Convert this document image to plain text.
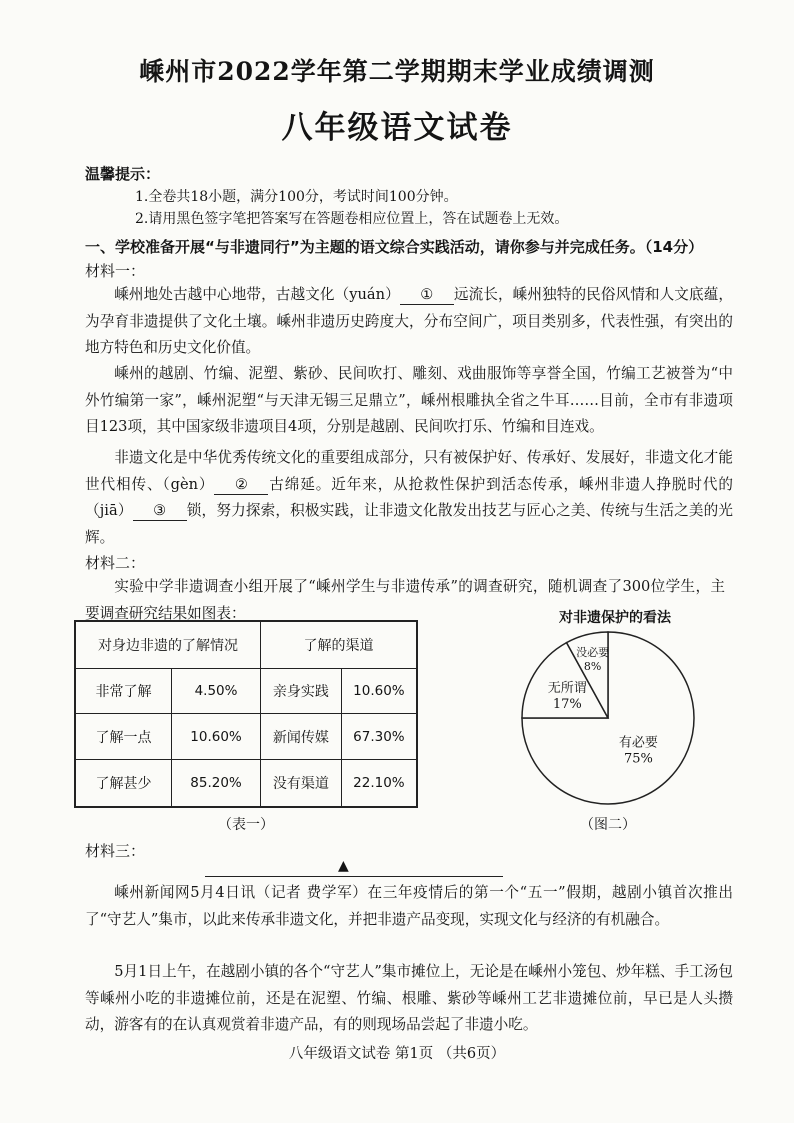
嵊州市2022学年第二学期期末学业成绩调测
八年级语文试卷
温馨提示：
1.全卷共18小题，满分100分，考试时间100分钟。
2.请用黑色签字笔把答案写在答题卷相应位置上，答在试题卷上无效。
一、学校准备开展“与非遗同行”为主题的语文综合实践活动，请你参与并完成任务。（14分）
材料一：
嵊州地处古越中心地带，古越文化（yuán） ① 远流长，嵊州独特的民俗风情和人文底蕴，为孕育非遗提供了文化土壤。嵊州非遗历史跨度大，分布空间广，项目类别多，代表性强，有突出的地方特色和历史文化价值。
嵊州的越剧、竹编、泥塑、紫砂、民间吹打、雕刻、戏曲服饰等享誉全国，竹编工艺被誉为“中外竹编第一家”，嵊州泥塑“与天津无锡三足鼎立”，嵊州根雕执全省之牛耳……目前，全市有非遗项目123项，其中国家级非遗项目4项，分别是越剧、民间吹打乐、竹编和目连戏。
非遗文化是中华优秀传统文化的重要组成部分，只有被保护好、传承好、发展好，非遗文化才能世代相传、（gèn） ② 古绵延。近年来，从抢救性保护到活态传承，嵊州非遗人挣脱时代的（jiā） ③ 锁，努力探索，积极实践，让非遗文化散发出技艺与匠心之美、传统与生活之美的光辉。
材料二：
实验中学非遗调查小组开展了“嵊州学生与非遗传承”的调查研究，随机调查了300位学生，主要调查研究结果如图表：
对身边非遗的了解情况		了解的渠道	
非常了解	4.50%	亲身实践	10.60%
了解一点	10.60%	新闻传媒	67.30%
了解甚少	85.20%	没有渠道	22.10%
（表一）
对非遗保护的看法
有必要
75%
无所谓
17%
没必要
8%
（图二）
材料三：
▲
嵊州新闻网5月4日讯（记者 费学军）在三年疫情后的第一个“五一”假期，越剧小镇首次推出了“守艺人”集市，以此来传承非遗文化，并把非遗产品变现，实现文化与经济的有机融合。
5月1日上午，在越剧小镇的各个“守艺人”集市摊位上，无论是在嵊州小笼包、炒年糕、手工汤包等嵊州小吃的非遗摊位前，还是在泥塑、竹编、根雕、紫砂等嵊州工艺非遗摊位前，早已是人头攒动，游客有的在认真观赏着非遗产品，有的则现场品尝起了非遗小吃。
八年级语文试卷 第1页 （共6页）
